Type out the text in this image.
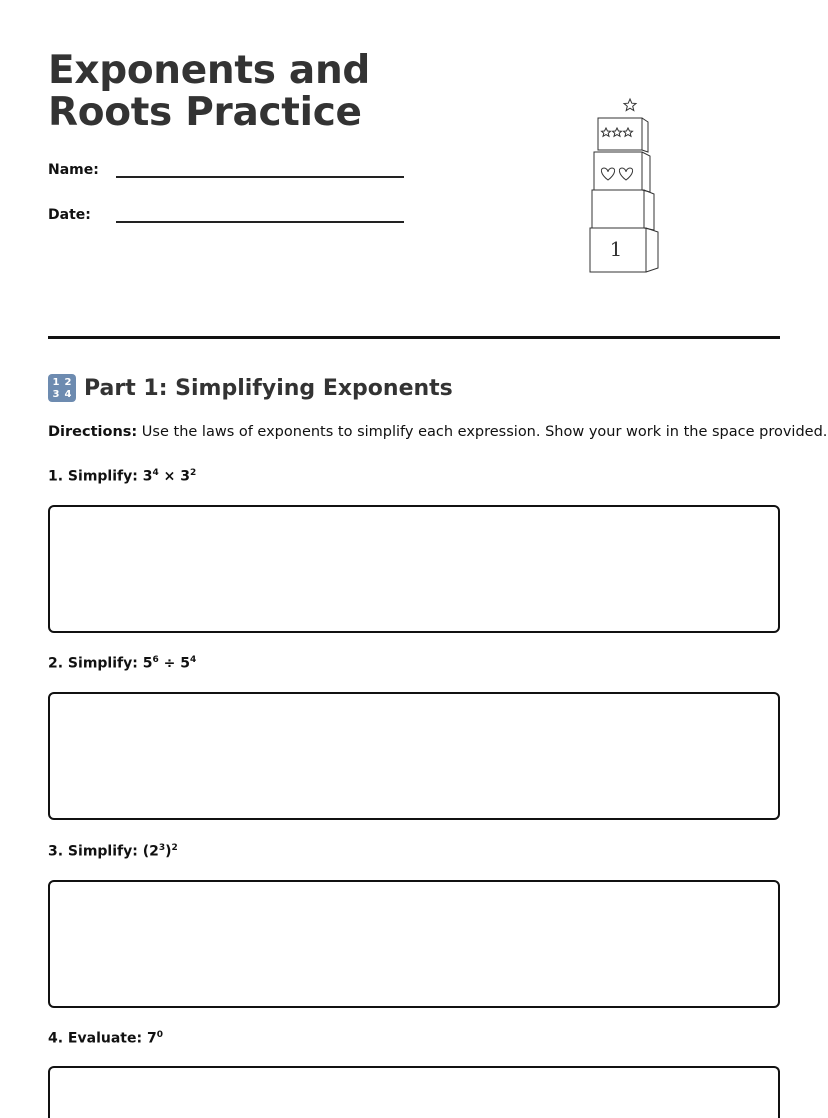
Exponents and Roots Practice
Name:
Date:
1
1 2
3 4 Part 1: Simplifying Exponents

Directions: Use the laws of exponents to simplify each expression. Show your work in the space provided.

1. Simplify: $3^4 \times 3^2$

2. Simplify: $5^6 \div 5^4$

3. Simplify: $(2^3)^2$

4. Evaluate: $7^0$
